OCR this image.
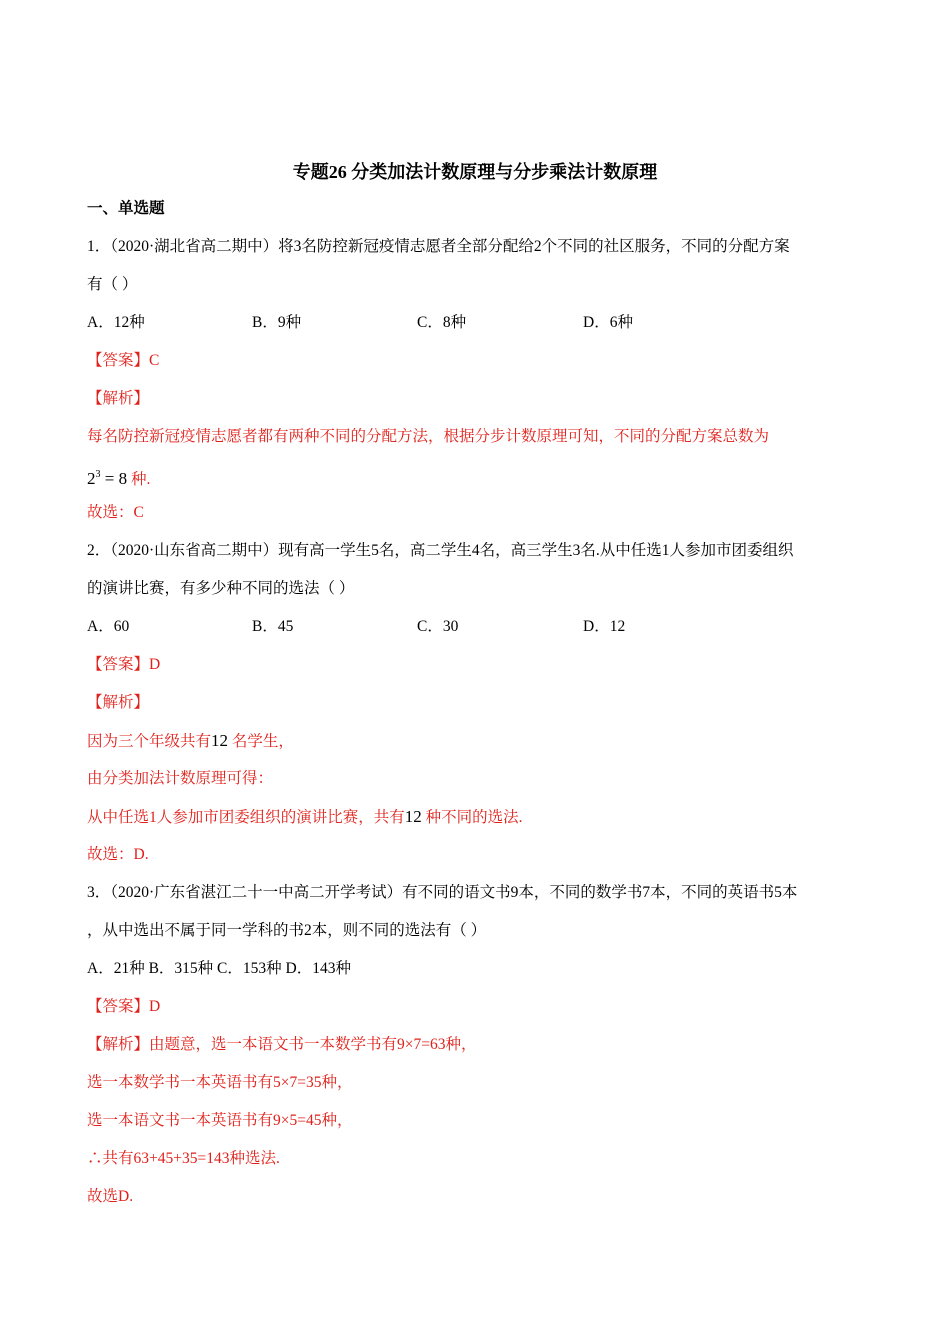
专题26 分类加法计数原理与分步乘法计数原理
一、单选题
1．（2020·湖北省高二期中）将3名防控新冠疫情志愿者全部分配给2个不同的社区服务，不同的分配方案
有（ ）
A．12种	B．9种	C．8种	D．6种
【答案】C
【解析】
每名防控新冠疫情志愿者都有两种不同的分配方法，根据分步计数原理可知，不同的分配方案总数为
$2^3 = 8$ 种.
故选：C
2．（2020·山东省高二期中）现有高一学生5名，高二学生4名，高三学生3名.从中任选1人参加市团委组织
的演讲比赛，有多少种不同的选法（ ）
A．60	B．45	C．30	D．12
【答案】D
【解析】
因为三个年级共有12 名学生，
由分类加法计数原理可得：
从中任选1人参加市团委组织的演讲比赛，共有12 种不同的选法.
故选：D.
3．（2020·广东省湛江二十一中高二开学考试）有不同的语文书9本，不同的数学书7本，不同的英语书5本
，从中选出不属于同一学科的书2本，则不同的选法有（ ）
A．21种 B．315种 C．153种 D．143种
【答案】D
【解析】由题意，选一本语文书一本数学书有9×7=63种，
选一本数学书一本英语书有5×7=35种，
选一本语文书一本英语书有9×5=45种，
∴共有63+45+35=143种选法.
故选D.
